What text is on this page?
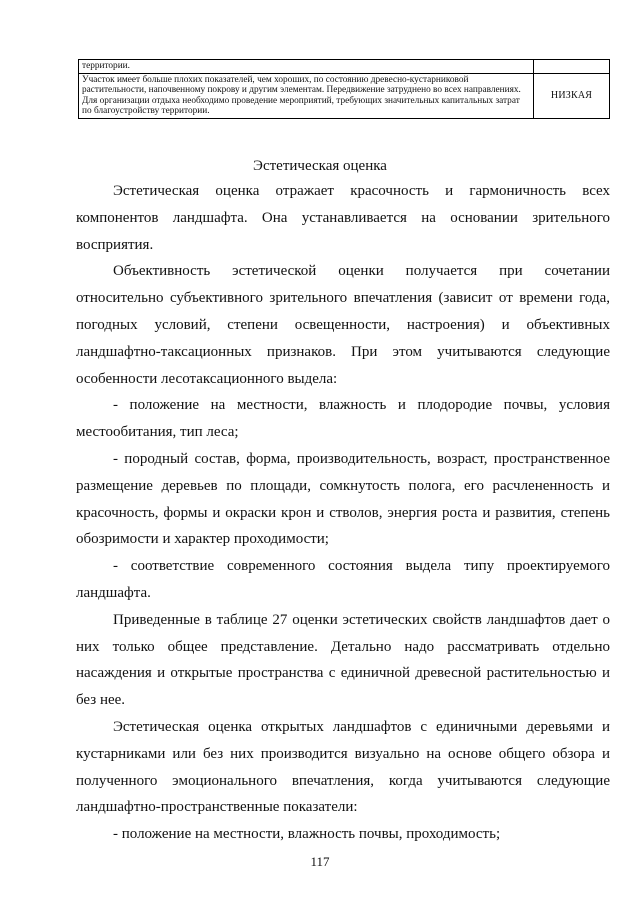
территории.	
Участок имеет больше плохих показателей, чем хороших, по состоянию древесно-кустарниковой растительности, напочвенному покрову и другим элементам. Передвижение затруднено во всех направлениях. Для организации отдыха необходимо проведение мероприятий, требующих значительных капитальных затрат по благоустройству территории.	НИЗКАЯ
Эстетическая оценка

Эстетическая оценка отражает красочность и гармоничность всех компонентов ландшафта. Она устанавливается на основании зрительного восприятия.

Объективность эстетической оценки получается при сочетании относительно субъективного зрительного впечатления (зависит от времени года, погодных условий, степени освещенности, настроения) и объективных ландшафтно-таксационных признаков. При этом учитываются следующие особенности лесотаксационного выдела:

- положение на местности, влажность и плодородие почвы, условия местообитания, тип леса;

- породный состав, форма, производительность, возраст, пространственное размещение деревьев по площади, сомкнутость полога, его расчлененность и красочность, формы и окраски крон и стволов, энергия роста и развития, степень обозримости и характер проходимости;

- соответствие современного состояния выдела типу проектируемого ландшафта.

Приведенные в таблице 27 оценки эстетических свойств ландшафтов дает о них только общее представление. Детально надо рассматривать отдельно насаждения и открытые пространства с единичной древесной растительностью и без нее.

Эстетическая оценка открытых ландшафтов с единичными деревьями и кустарниками или без них производится визуально на основе общего обзора и полученного эмоционального впечатления, когда учитываются следующие ландшафтно-пространственные показатели:

- положение на местности, влажность почвы, проходимость;

117
